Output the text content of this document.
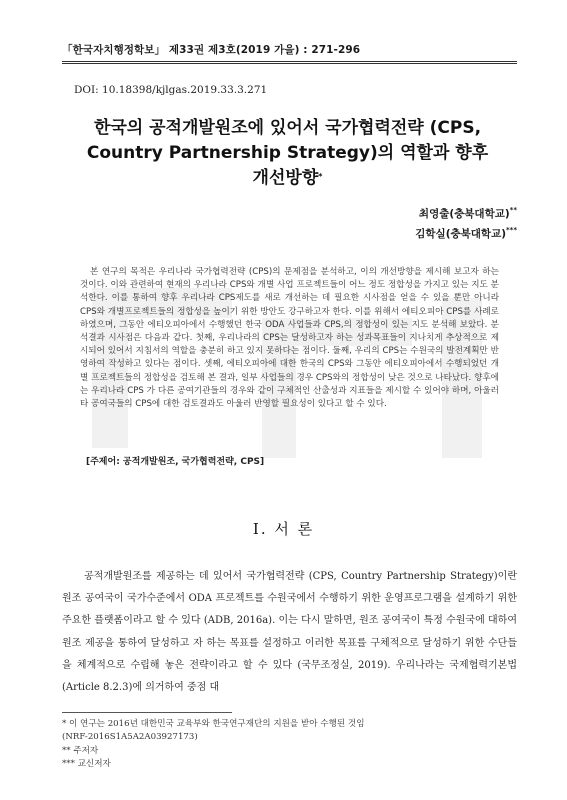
「한국자치행정학보」 제33권 제3호(2019 가을) : 271-296
DOI: 10.18398/kjlgas.2019.33.3.271
한국의 공적개발원조에 있어서 국가협력전략 (CPS,
Country Partnership Strategy)의 역할과 향후
개선방향*
최영출(충북대학교)**
김학실(충북대학교)***
본 연구의 목적은 우리나라 국가협력전략 (CPS)의 문제점을 분석하고, 이의 개선방향을 제시해 보고자 하는 것이다. 이와 관련하여 현재의 우리나라 CPS와 개별 사업 프로젝트들이 어느 정도 정합성을 가지고 있는 지도 분석한다. 이를 통하여 향후 우리나라 CPS제도를 새로 개선하는 데 필요한 시사점을 얻을 수 있을 뿐만 아니라 CPS와 개별프로젝트들의 정합성을 높이기 위한 방안도 강구하고자 한다. 이를 위해서 에티오피아 CPS를 사례로 하였으며, 그동안 에티오피아에서 수행했던 한국 ODA 사업들과 CPS,의 정합성이 있는 지도 분석해 보았다. 분석결과 시사점은 다음과 같다. 첫째, 우리나라의 CPS는 달성하고자 하는 성과목표들이 지나치게 추상적으로 제시되어 있어서 지침서의 역할을 충분히 하고 있지 못하다는 점이다. 둘째, 우리의 CPS는 수원국의 발전계획만 반영하여 작성하고 있다는 점이다. 셋째, 에티오피아에 대한 한국의 CPS와 그동안 에티오피아에서 수행되었던 개별 프로젝트들의 정합성을 검토해 본 결과, 일부 사업들의 경우 CPS와의 정합성이 낮은 것으로 나타났다. 향후에는 우리나라 CPS 가 다른 공여기관들의 경우와 같이 구체적인 산출성과 지표들을 제시할 수 있어야 하며, 아울러 타 공여국들의 CPS에 대한 검토결과도 아울러 반영할 필요성이 있다고 할 수 있다.
[주제어: 공적개발원조, 국가협력전략, CPS]
Ⅰ. 서 론
공적개발원조를 제공하는 데 있어서 국가협력전략 (CPS, Country Partnership Strategy)이란 원조 공여국이 국가수준에서 ODA 프로젝트를 수원국에서 수행하기 위한 운영프로그램을 설계하기 위한 주요한 플랫폼이라고 할 수 있다 (ADB, 2016a). 이는 다시 말하면, 원조 공여국이 특정 수원국에 대하여 원조 제공을 통하여 달성하고 자 하는 목표를 설정하고 이러한 목표를 구체적으로 달성하기 위한 수단들을 체계적으로 수립해 놓은 전략이라고 할 수 있다 (국무조정실, 2019). 우리나라는 국제협력기본법 (Article 8.2.3)에 의거하여 중점 대
* 이 연구는 2016년 대한민국 교육부와 한국연구재단의 지원을 받아 수행된 것임
(NRF-2016S1A5A2A03927173)
** 주저자
*** 교신저자
